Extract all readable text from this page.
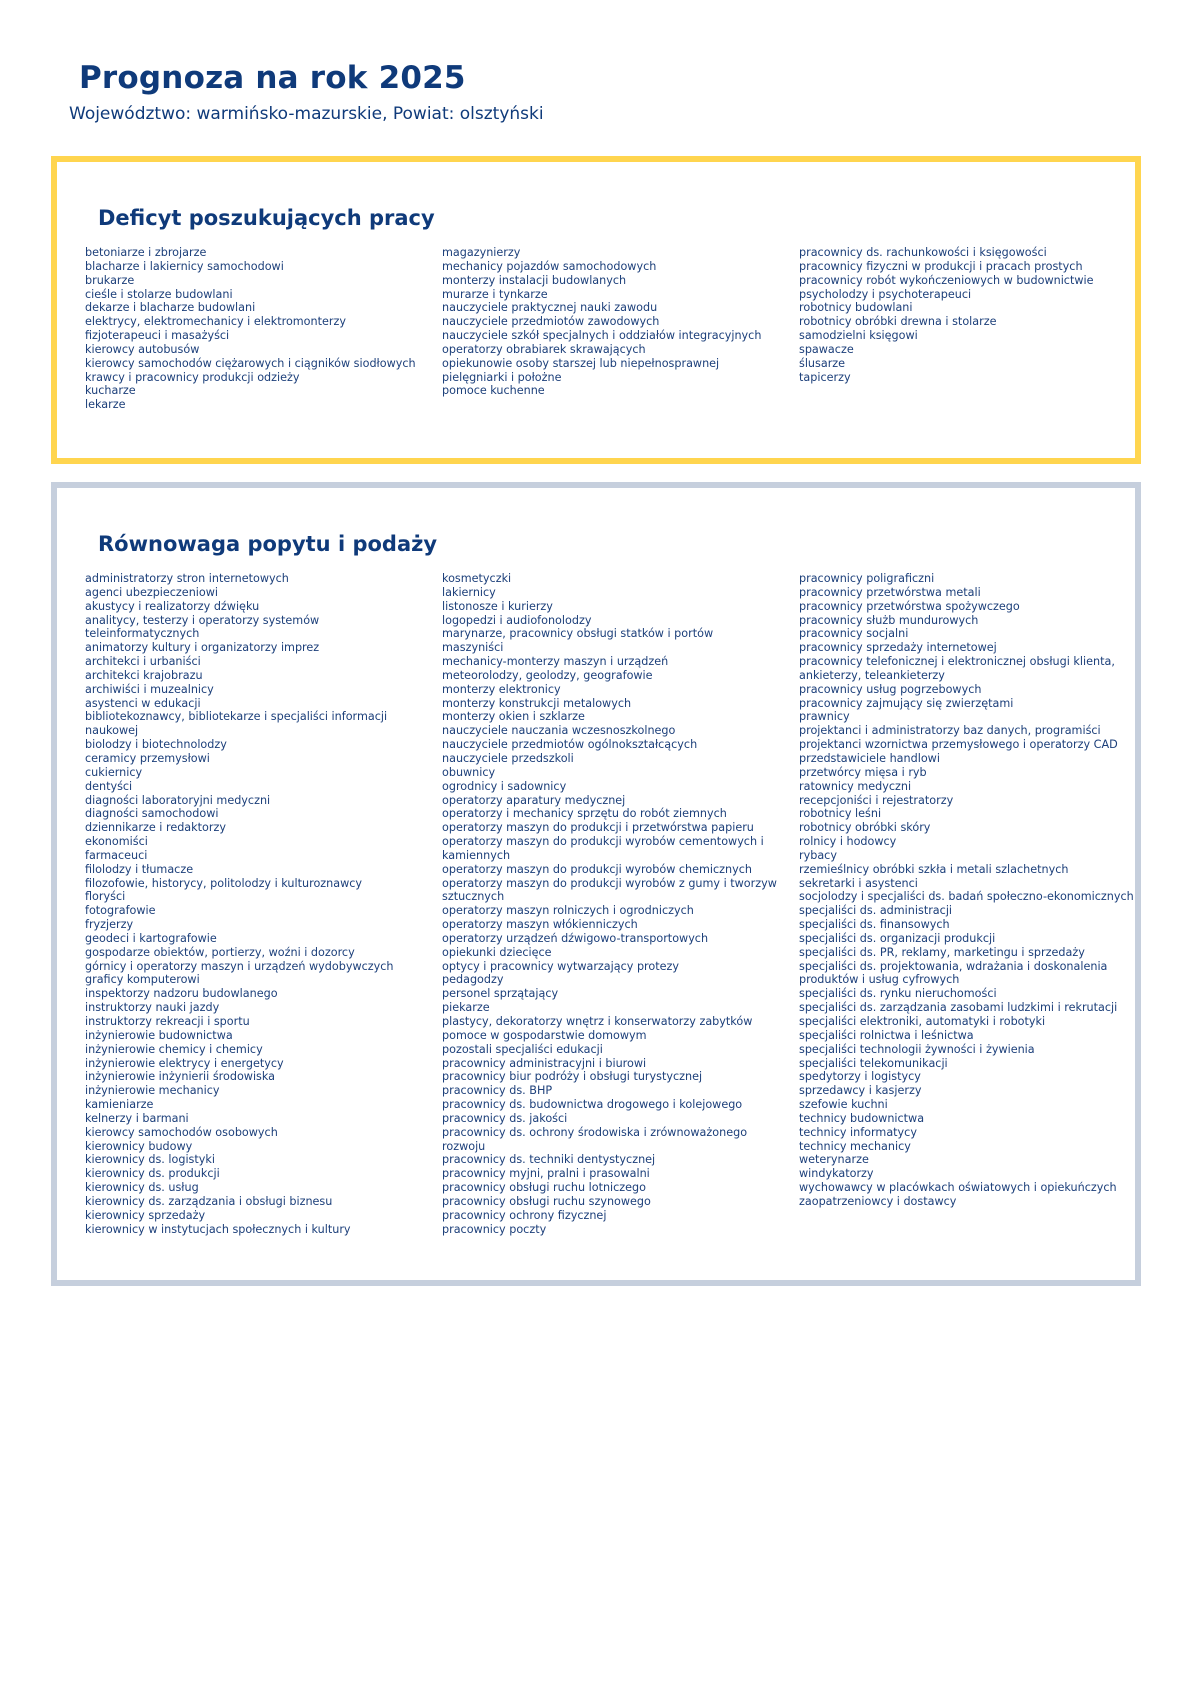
Prognoza na rok 2025

Województwo: warmińsko-mazurskie, Powiat: olsztyński

Deficyt poszukujących pracy
betoniarze i zbrojarze
blacharze i lakiernicy samochodowi
brukarze
cieśle i stolarze budowlani
dekarze i blacharze budowlani
elektrycy, elektromechanicy i elektromonterzy
fizjoterapeuci i masażyści
kierowcy autobusów
kierowcy samochodów ciężarowych i ciągników siodłowych
krawcy i pracownicy produkcji odzieży
kucharze
lekarze
magazynierzy
mechanicy pojazdów samochodowych
monterzy instalacji budowlanych
murarze i tynkarze
nauczyciele praktycznej nauki zawodu
nauczyciele przedmiotów zawodowych
nauczyciele szkół specjalnych i oddziałów integracyjnych
operatorzy obrabiarek skrawających
opiekunowie osoby starszej lub niepełnosprawnej
pielęgniarki i położne
pomoce kuchenne
pracownicy ds. rachunkowości i księgowości
pracownicy fizyczni w produkcji i pracach prostych
pracownicy robót wykończeniowych w budownictwie
psycholodzy i psychoterapeuci
robotnicy budowlani
robotnicy obróbki drewna i stolarze
samodzielni księgowi
spawacze
ślusarze
tapicerzy
Równowaga popytu i podaży
administratorzy stron internetowych
agenci ubezpieczeniowi
akustycy i realizatorzy dźwięku
analitycy, testerzy i operatorzy systemów
teleinformatycznych
animatorzy kultury i organizatorzy imprez
architekci i urbaniści
architekci krajobrazu
archiwiści i muzealnicy
asystenci w edukacji
bibliotekoznawcy, bibliotekarze i specjaliści informacji
naukowej
biolodzy i biotechnolodzy
ceramicy przemysłowi
cukiernicy
dentyści
diagności laboratoryjni medyczni
diagności samochodowi
dziennikarze i redaktorzy
ekonomiści
farmaceuci
filolodzy i tłumacze
filozofowie, historycy, politolodzy i kulturoznawcy
floryści
fotografowie
fryzjerzy
geodeci i kartografowie
gospodarze obiektów, portierzy, woźni i dozorcy
górnicy i operatorzy maszyn i urządzeń wydobywczych
graficy komputerowi
inspektorzy nadzoru budowlanego
instruktorzy nauki jazdy
instruktorzy rekreacji i sportu
inżynierowie budownictwa
inżynierowie chemicy i chemicy
inżynierowie elektrycy i energetycy
inżynierowie inżynierii środowiska
inżynierowie mechanicy
kamieniarze
kelnerzy i barmani
kierowcy samochodów osobowych
kierownicy budowy
kierownicy ds. logistyki
kierownicy ds. produkcji
kierownicy ds. usług
kierownicy ds. zarządzania i obsługi biznesu
kierownicy sprzedaży
kierownicy w instytucjach społecznych i kultury
kosmetyczki
lakiernicy
listonosze i kurierzy
logopedzi i audiofonolodzy
marynarze, pracownicy obsługi statków i portów
maszyniści
mechanicy-monterzy maszyn i urządzeń
meteorolodzy, geolodzy, geografowie
monterzy elektronicy
monterzy konstrukcji metalowych
monterzy okien i szklarze
nauczyciele nauczania wczesnoszkolnego
nauczyciele przedmiotów ogólnokształcących
nauczyciele przedszkoli
obuwnicy
ogrodnicy i sadownicy
operatorzy aparatury medycznej
operatorzy i mechanicy sprzętu do robót ziemnych
operatorzy maszyn do produkcji i przetwórstwa papieru
operatorzy maszyn do produkcji wyrobów cementowych i
kamiennych
operatorzy maszyn do produkcji wyrobów chemicznych
operatorzy maszyn do produkcji wyrobów z gumy i tworzyw
sztucznych
operatorzy maszyn rolniczych i ogrodniczych
operatorzy maszyn włókienniczych
operatorzy urządzeń dźwigowo-transportowych
opiekunki dziecięce
optycy i pracownicy wytwarzający protezy
pedagodzy
personel sprzątający
piekarze
plastycy, dekoratorzy wnętrz i konserwatorzy zabytków
pomoce w gospodarstwie domowym
pozostali specjaliści edukacji
pracownicy administracyjni i biurowi
pracownicy biur podróży i obsługi turystycznej
pracownicy ds. BHP
pracownicy ds. budownictwa drogowego i kolejowego
pracownicy ds. jakości
pracownicy ds. ochrony środowiska i zrównoważonego
rozwoju
pracownicy ds. techniki dentystycznej
pracownicy myjni, pralni i prasowalni
pracownicy obsługi ruchu lotniczego
pracownicy obsługi ruchu szynowego
pracownicy ochrony fizycznej
pracownicy poczty
pracownicy poligraficzni
pracownicy przetwórstwa metali
pracownicy przetwórstwa spożywczego
pracownicy służb mundurowych
pracownicy socjalni
pracownicy sprzedaży internetowej
pracownicy telefonicznej i elektronicznej obsługi klienta,
ankieterzy, teleankieterzy
pracownicy usług pogrzebowych
pracownicy zajmujący się zwierzętami
prawnicy
projektanci i administratorzy baz danych, programiści
projektanci wzornictwa przemysłowego i operatorzy CAD
przedstawiciele handlowi
przetwórcy mięsa i ryb
ratownicy medyczni
recepcjoniści i rejestratorzy
robotnicy leśni
robotnicy obróbki skóry
rolnicy i hodowcy
rybacy
rzemieślnicy obróbki szkła i metali szlachetnych
sekretarki i asystenci
socjolodzy i specjaliści ds. badań społeczno-ekonomicznych
specjaliści ds. administracji
specjaliści ds. finansowych
specjaliści ds. organizacji produkcji
specjaliści ds. PR, reklamy, marketingu i sprzedaży
specjaliści ds. projektowania, wdrażania i doskonalenia
produktów i usług cyfrowych
specjaliści ds. rynku nieruchomości
specjaliści ds. zarządzania zasobami ludzkimi i rekrutacji
specjaliści elektroniki, automatyki i robotyki
specjaliści rolnictwa i leśnictwa
specjaliści technologii żywności i żywienia
specjaliści telekomunikacji
spedytorzy i logistycy
sprzedawcy i kasjerzy
szefowie kuchni
technicy budownictwa
technicy informatycy
technicy mechanicy
weterynarze
windykatorzy
wychowawcy w placówkach oświatowych i opiekuńczych
zaopatrzeniowcy i dostawcy
